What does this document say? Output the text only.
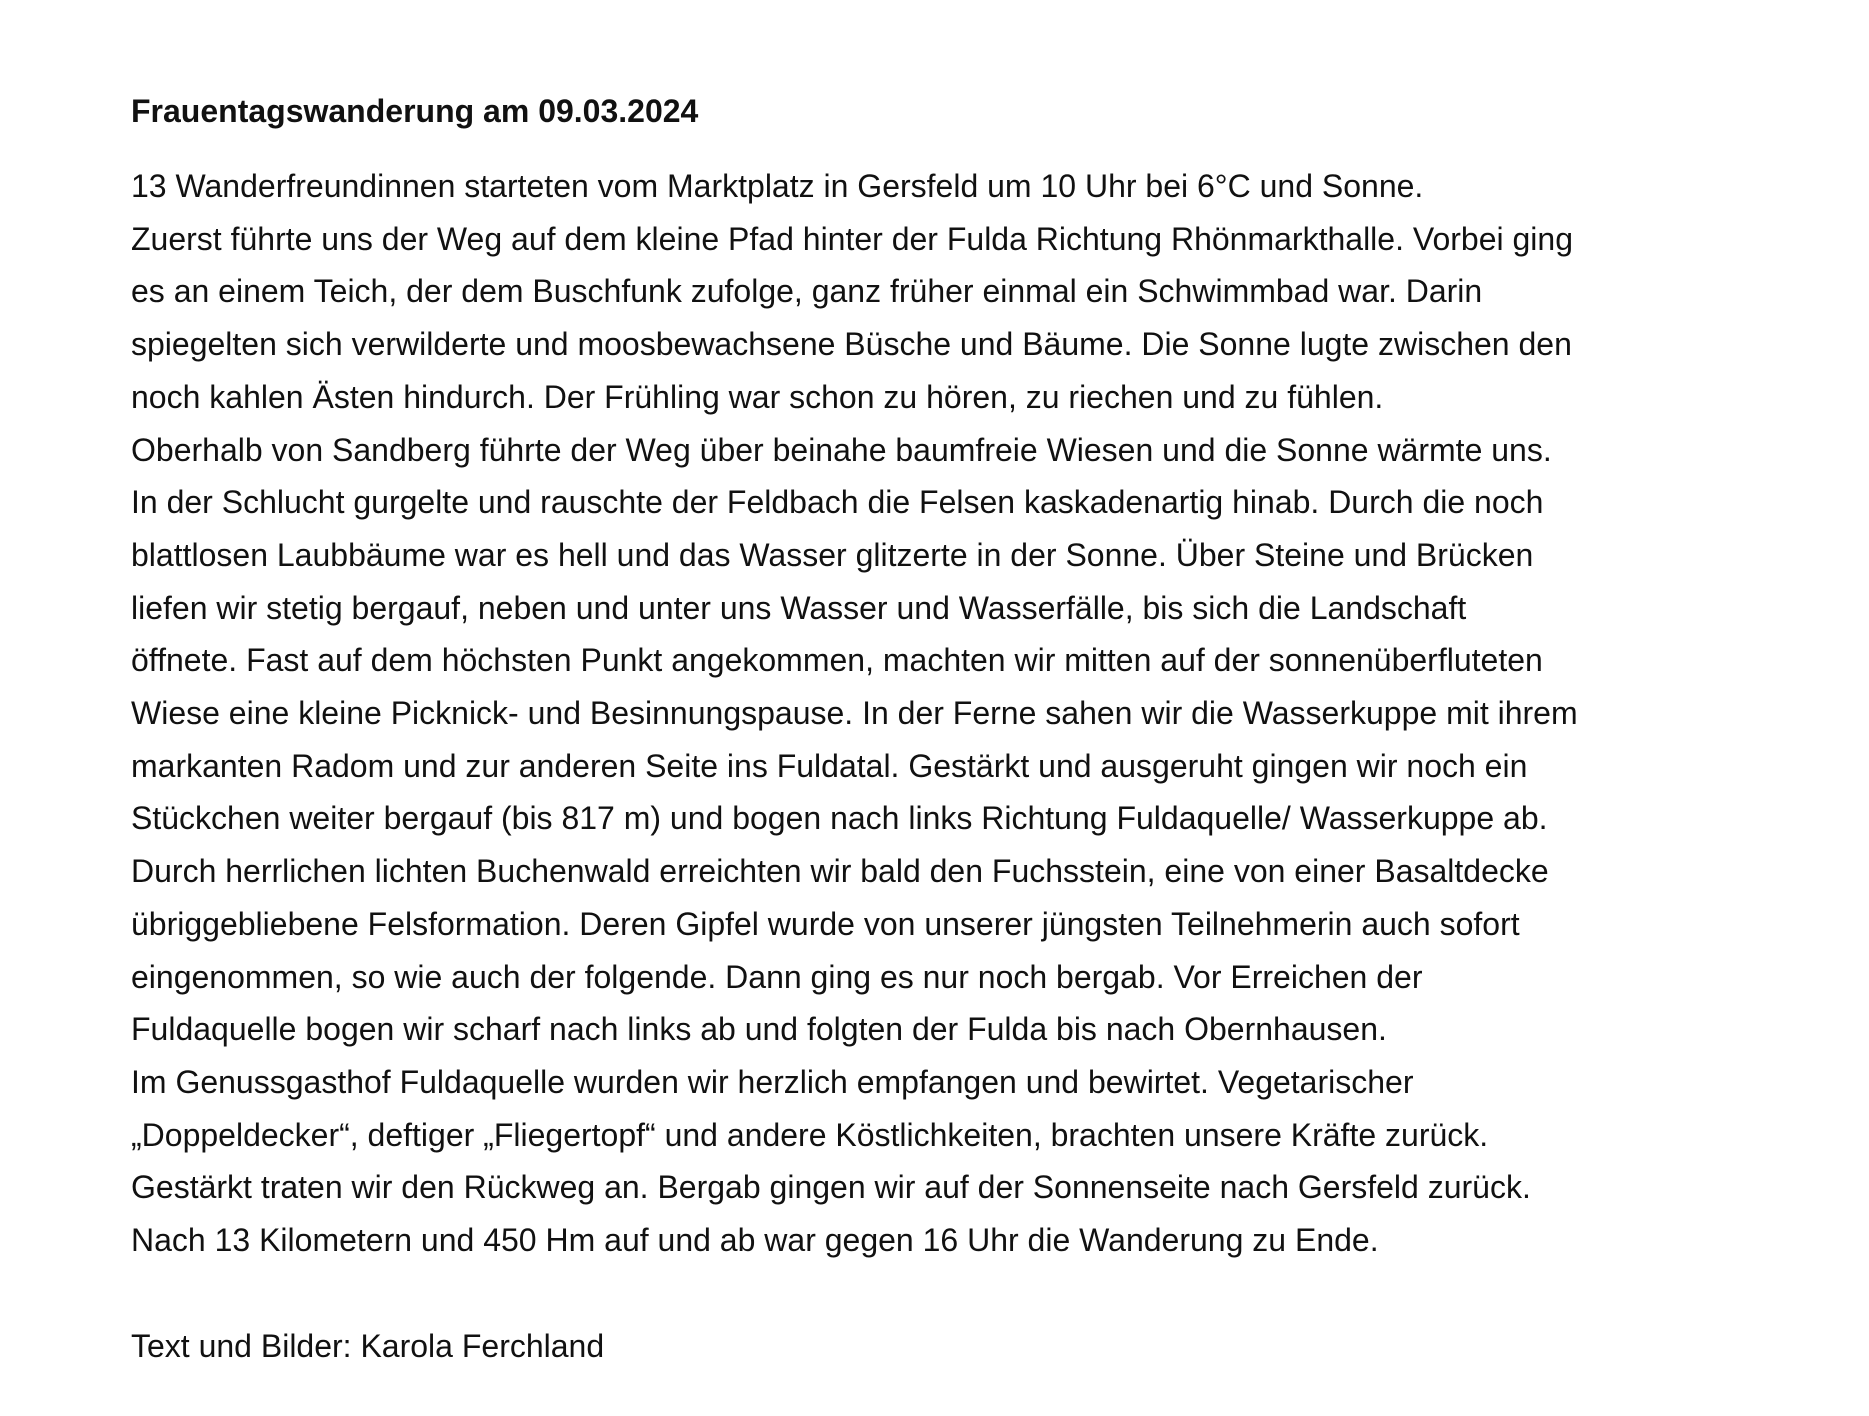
Frauentagswanderung am 09.03.2024
13 Wanderfreundinnen starteten vom Marktplatz in Gersfeld um 10 Uhr bei 6°C und Sonne.
Zuerst führte uns der Weg auf dem kleine Pfad hinter der Fulda Richtung Rhönmarkthalle. Vorbei ging
es an einem Teich, der dem Buschfunk zufolge, ganz früher einmal ein Schwimmbad war. Darin
spiegelten sich verwilderte und moosbewachsene Büsche und Bäume. Die Sonne lugte zwischen den
noch kahlen Ästen hindurch. Der Frühling war schon zu hören, zu riechen und zu fühlen.
Oberhalb von Sandberg führte der Weg über beinahe baumfreie Wiesen und die Sonne wärmte uns.
In der Schlucht gurgelte und rauschte der Feldbach die Felsen kaskadenartig hinab. Durch die noch
blattlosen Laubbäume war es hell und das Wasser glitzerte in der Sonne. Über Steine und Brücken
liefen wir stetig bergauf, neben und unter uns Wasser und Wasserfälle, bis sich die Landschaft
öffnete. Fast auf dem höchsten Punkt angekommen, machten wir mitten auf der sonnenüberfluteten
Wiese eine kleine Picknick- und Besinnungspause. In der Ferne sahen wir die Wasserkuppe mit ihrem
markanten Radom und zur anderen Seite ins Fuldatal. Gestärkt und ausgeruht gingen wir noch ein
Stückchen weiter bergauf (bis 817 m) und bogen nach links Richtung Fuldaquelle/ Wasserkuppe ab.
Durch herrlichen lichten Buchenwald erreichten wir bald den Fuchsstein, eine von einer Basaltdecke
übriggebliebene Felsformation. Deren Gipfel wurde von unserer jüngsten Teilnehmerin auch sofort
eingenommen, so wie auch der folgende. Dann ging es nur noch bergab. Vor Erreichen der
Fuldaquelle bogen wir scharf nach links ab und folgten der Fulda bis nach Obernhausen.
Im Genussgasthof Fuldaquelle wurden wir herzlich empfangen und bewirtet. Vegetarischer
„Doppeldecker“, deftiger „Fliegertopf“ und andere Köstlichkeiten, brachten unsere Kräfte zurück.
Gestärkt traten wir den Rückweg an. Bergab gingen wir auf der Sonnenseite nach Gersfeld zurück.
Nach 13 Kilometern und 450 Hm auf und ab war gegen 16 Uhr die Wanderung zu Ende.
Text und Bilder: Karola Ferchland
